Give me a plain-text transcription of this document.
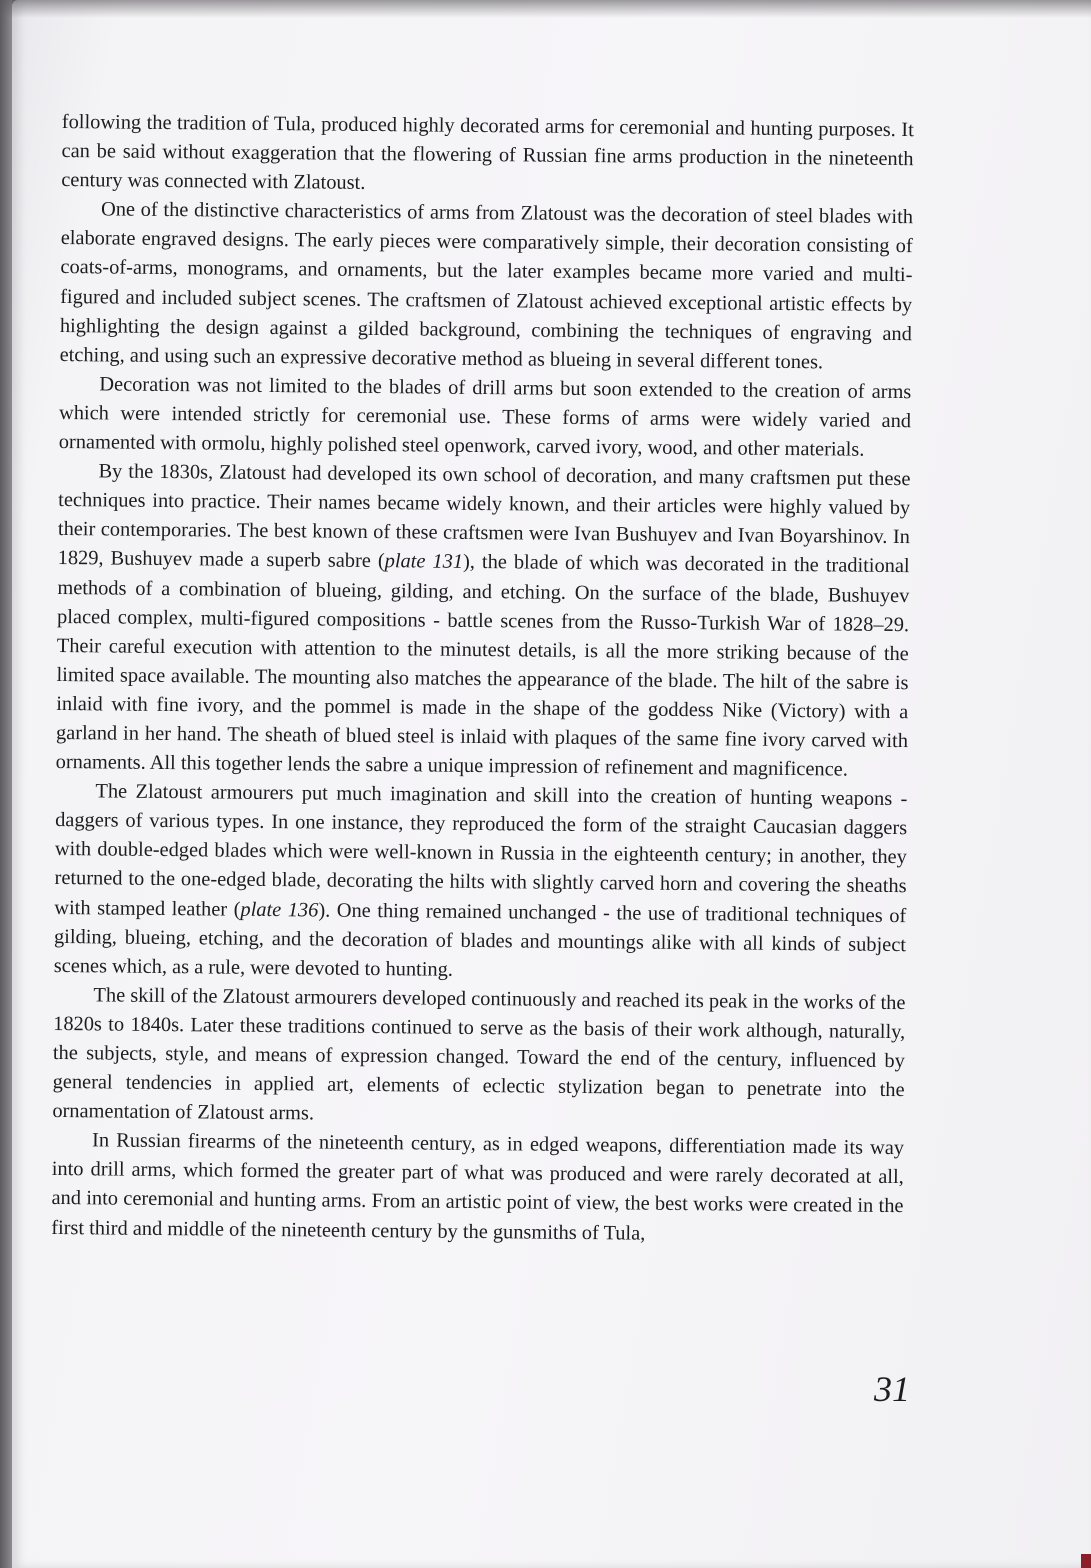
following the tradition of Tula, produced highly decorated arms for ceremonial and hunting purposes. It can be said without exaggeration that the flowering of Russian fine arms production in the nineteenth century was connected with Zlatoust.

One of the distinctive characteristics of arms from Zlatoust was the decoration of steel blades with elaborate engraved designs. The early pieces were comparatively simple, their decoration consisting of coats-of-arms, monograms, and ornaments, but the later examples became more varied and multi-figured and included subject scenes. The craftsmen of Zlatoust achieved exceptional artistic effects by highlighting the design against a gilded background, combining the techniques of engraving and etching, and using such an expressive decorative method as blueing in several different tones.

Decoration was not limited to the blades of drill arms but soon extended to the creation of arms which were intended strictly for ceremonial use. These forms of arms were widely varied and ornamented with ormolu, highly polished steel openwork, carved ivory, wood, and other materials.

By the 1830s, Zlatoust had developed its own school of decoration, and many craftsmen put these techniques into practice. Their names became widely known, and their articles were highly valued by their contemporaries. The best known of these craftsmen were Ivan Bushuyev and Ivan Boyarshinov. In 1829, Bushuyev made a superb sabre (plate 131), the blade of which was decorated in the traditional methods of a combination of blueing, gilding, and etching. On the surface of the blade, Bushuyev placed complex, multi-figured compositions - battle scenes from the Russo-Turkish War of 1828–29. Their careful execution with attention to the minutest details, is all the more striking because of the limited space available. The mounting also matches the appearance of the blade. The hilt of the sabre is inlaid with fine ivory, and the pommel is made in the shape of the goddess Nike (Victory) with a garland in her hand. The sheath of blued steel is inlaid with plaques of the same fine ivory carved with ornaments. All this together lends the sabre a unique impression of refinement and magnificence.

The Zlatoust armourers put much imagination and skill into the creation of hunting weapons - daggers of various types. In one instance, they reproduced the form of the straight Caucasian daggers with double-edged blades which were well-known in Russia in the eighteenth century; in another, they returned to the one-edged blade, decorating the hilts with slightly carved horn and covering the sheaths with stamped leather (plate 136). One thing remained unchanged - the use of traditional techniques of gilding, blueing, etching, and the decoration of blades and mountings alike with all kinds of subject scenes which, as a rule, were devoted to hunting.

The skill of the Zlatoust armourers developed continuously and reached its peak in the works of the 1820s to 1840s. Later these traditions continued to serve as the basis of their work although, naturally, the subjects, style, and means of expression changed. Toward the end of the century, influenced by general tendencies in applied art, elements of eclectic stylization began to penetrate into the ornamentation of Zlatoust arms.

In Russian firearms of the nineteenth century, as in edged weapons, differentiation made its way into drill arms, which formed the greater part of what was produced and were rarely decorated at all, and into ceremonial and hunting arms. From an artistic point of view, the best works were created in the first third and middle of the nineteenth century by the gunsmiths of Tula,

31
